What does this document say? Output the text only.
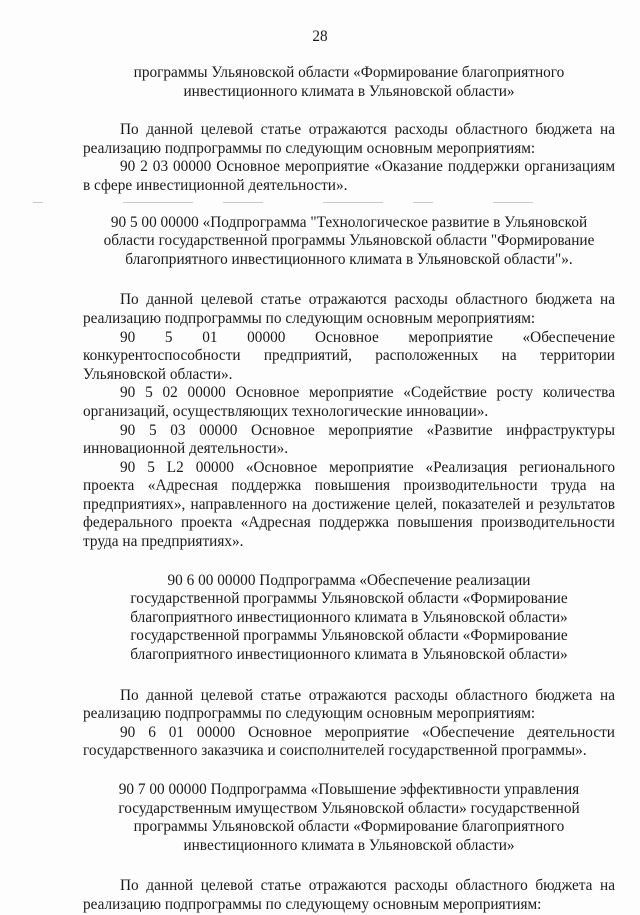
28
программы Ульяновской области «Формирование благоприятного
инвестиционного климата в Ульяновской области»
По данной целевой статье отражаются расходы областного бюджета на
реализацию подпрограммы по следующим основным мероприятиям:
90 2 03 00000 Основное мероприятие «Оказание поддержки организациям
в сфере инвестиционной деятельности».
90 5 00 00000 «Подпрограмма "Технологическое развитие в Ульяновской
области государственной программы Ульяновской области "Формирование
благоприятного инвестиционного климата в Ульяновской области"».
По данной целевой статье отражаются расходы областного бюджета на
реализацию подпрограммы по следующим основным мероприятиям:
90 5 01 00000 Основное мероприятие «Обеспечение
конкурентоспособности предприятий, расположенных на территории
Ульяновской области».
90 5 02 00000 Основное мероприятие «Содействие росту количества
организаций, осуществляющих технологические инновации».
90 5 03 00000 Основное мероприятие «Развитие инфраструктуры
инновационной деятельности».
90 5 L2 00000 «Основное мероприятие «Реализация регионального
проекта «Адресная поддержка повышения производительности труда на
предприятиях», направленного на достижение целей, показателей и результатов
федерального проекта «Адресная поддержка повышения производительности
труда на предприятиях».
90 6 00 00000 Подпрограмма «Обеспечение реализации
государственной программы Ульяновской области «Формирование
благоприятного инвестиционного климата в Ульяновской области»
государственной программы Ульяновской области «Формирование
благоприятного инвестиционного климата в Ульяновской области»
По данной целевой статье отражаются расходы областного бюджета на
реализацию подпрограммы по следующим основным мероприятиям:
90 6 01 00000 Основное мероприятие «Обеспечение деятельности
государственного заказчика и соисполнителей государственной программы».
90 7 00 00000 Подпрограмма «Повышение эффективности управления
государственным имуществом Ульяновской области» государственной
программы Ульяновской области «Формирование благоприятного
инвестиционного климата в Ульяновской области»
По данной целевой статье отражаются расходы областного бюджета на
реализацию подпрограммы по следующему основным мероприятиям:
